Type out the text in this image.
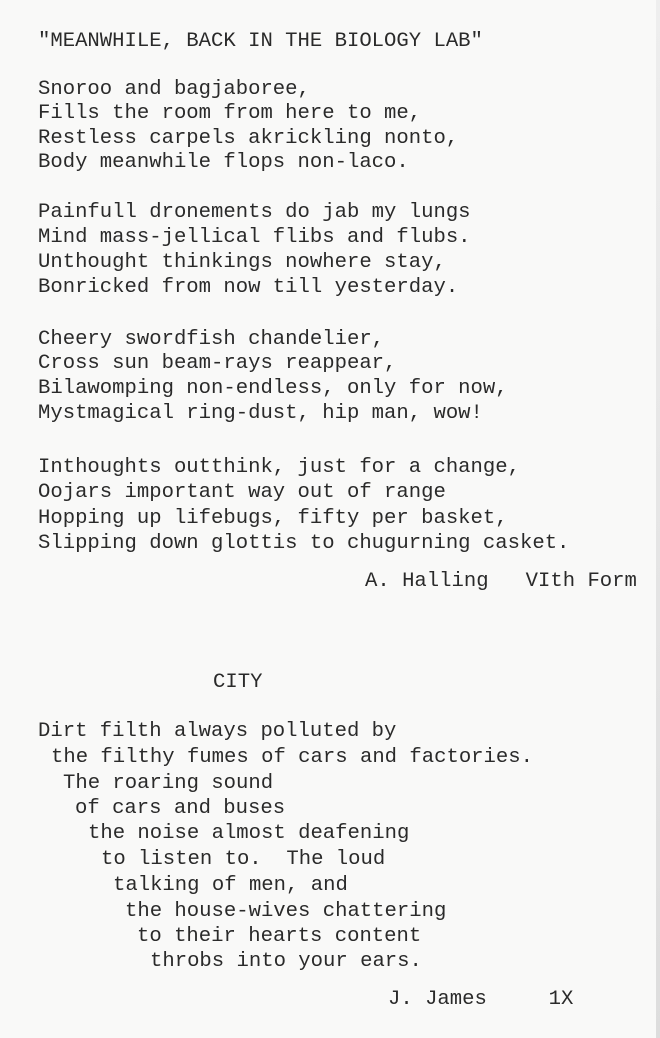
"MEANWHILE, BACK IN THE BIOLOGY LAB"
Snoroo and bagjaboree,
Fills the room from here to me,
Restless carpels akrickling nonto,
Body meanwhile flops non-laco.
Painfull dronements do jab my lungs
Mind mass-jellical flibs and flubs.
Unthought thinkings nowhere stay,
Bonricked from now till yesterday.
Cheery swordfish chandelier,
Cross sun beam-rays reappear,
Bilawomping non-endless, only for now,
Mystmagical ring-dust, hip man, wow!
Inthoughts outthink, just for a change,
Oojars important way out of range
Hopping up lifebugs, fifty per basket,
Slipping down glottis to chugurning casket.
A. Halling   VIth Form
CITY
Dirt filth always polluted by
the filthy fumes of cars and factories.
The roaring sound
of cars and buses
the noise almost deafening
to listen to.  The loud
talking of men, and
the house-wives chattering
to their hearts content
throbs into your ears.
J. James     1X
